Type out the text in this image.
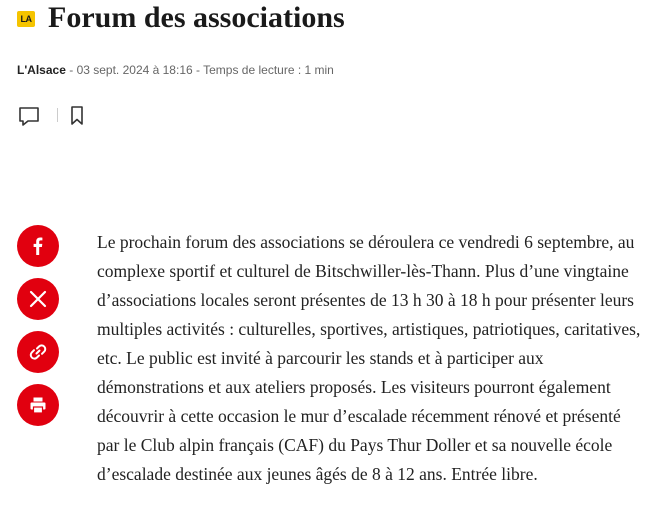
LA Forum des associations
L'Alsace - 03 sept. 2024 à 18:16 - Temps de lecture : 1 min

Le prochain forum des associations se déroulera ce vendredi 6 septembre, au complexe sportif et culturel de Bitschwiller-lès-Thann. Plus d’une vingtaine d’associations locales seront présentes de 13 h 30 à 18 h pour présenter leurs multiples activités : culturelles, sportives, artistiques, patriotiques, caritatives, etc. Le public est invité à parcourir les stands et à participer aux démonstrations et aux ateliers proposés. Les visiteurs pourront également découvrir à cette occasion le mur d’escalade récemment rénové et présenté par le Club alpin français (CAF) du Pays Thur Doller et sa nouvelle école d’escalade destinée aux jeunes âgés de 8 à 12 ans. Entrée libre.
